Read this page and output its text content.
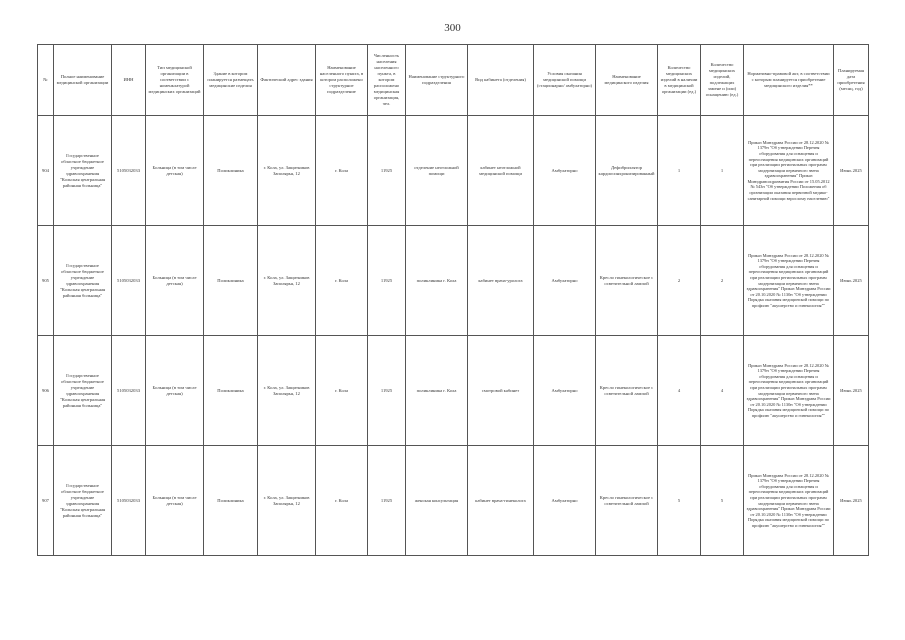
300
№	Полное наименование медицинской организации	ИНН	Тип медицинской организации в соответствии с номенклатурой медицинских организаций	Здание в котором планируется размещать медицинские изделия	Фактический адрес здания	Наименование населенного пункта, в котором расположено структурное подразделение	Численность населения населенного пункта, в котором расположено медицинская организация, чел.	Наименование структурного подразделения	Вид кабинета (отделения)	Условия оказания медицинской помощи (стационарно/ амбулаторно)	Наименование медицинского изделия	Количество медицинских изделий в наличии в медицинской организации (ед.)	Количество медицинских изделий, подлежащих замене и (или) оснащению (ед.)	Нормативно-правовой акт, в соответствии с которым планируется приобретение медицинского изделия**	Планируемая дата приобретения (месяц, год)
904	Государственное областное бюджетное учреждение здравоохранения "Кольская центральная районная больница"	5105032033	Больница (в том числе детская)	Поликлиника	г. Кола, ул. Защитников Заполярья, 12	г. Кола	11925	отделение неотложной помощи	кабинет неотложной медицинской помощи	Амбулаторно	Дефибриллятор кардиосинхронизированный	1	1	Приказ Минздрава России от 28.12.2020 № 1379н "Об утверждении Перечня оборудования для оснащения и переоснащения медицинских организаций при реализации региональных программ модернизации первичного звена здравоохранения" Приказ Минздравсоцразвития России от 15.05.2012 № 543н "Об утверждении Положения об организации оказания первичной медико-санитарной помощи взрослому населению"	Июнь 2025
905	Государственное областное бюджетное учреждение здравоохранения "Кольская центральная районная больница"	5105032033	Больница (в том числе детская)	Поликлиника	г. Кола, ул. Защитников Заполярья, 12	г. Кола	11925	поликлиника г. Кола	кабинет врача-уролога	Амбулаторно	Кресло гинекологическое с осветительной лампой	2	2	Приказ Минздрава России от 28.12.2020 № 1379н "Об утверждении Перечня оборудования для оснащения и переоснащения медицинских организаций при реализации региональных программ модернизации первичного звена здравоохранения" Приказ Минздрава России от 20.10.2020 № 1130н "Об утверждении Порядка оказания медицинской помощи по профилю "акушерство и гинекология""	Июнь 2025
906	Государственное областное бюджетное учреждение здравоохранения "Кольская центральная районная больница"	5105032033	Больница (в том числе детская)	Поликлиника	г. Кола, ул. Защитников Заполярья, 12	г. Кола	11925	поликлиника г. Кола	смотровой кабинет	Амбулаторно	Кресло гинекологическое с осветительной лампой	4	4	Приказ Минздрава России от 28.12.2020 № 1379н "Об утверждении Перечня оборудования для оснащения и переоснащения медицинских организаций при реализации региональных программ модернизации первичного звена здравоохранения" Приказ Минздрава России от 20.10.2020 № 1130н "Об утверждении Порядка оказания медицинской помощи по профилю "акушерство и гинекология""	Июнь 2025
907	Государственное областное бюджетное учреждение здравоохранения "Кольская центральная районная больница"	5105032033	Больница (в том числе детская)	Поликлиника	г. Кола, ул. Защитников Заполярья, 12	г. Кола	11925	женская консультация	кабинет врача-гинеколога	Амбулаторно	Кресло гинекологическое с осветительной лампой	5	5	Приказ Минздрава России от 28.12.2020 № 1379н "Об утверждении Перечня оборудования для оснащения и переоснащения медицинских организаций при реализации региональных программ модернизации первичного звена здравоохранения" Приказ Минздрава России от 20.10.2020 № 1130н "Об утверждении Порядка оказания медицинской помощи по профилю "акушерство и гинекология""	Июнь 2025
